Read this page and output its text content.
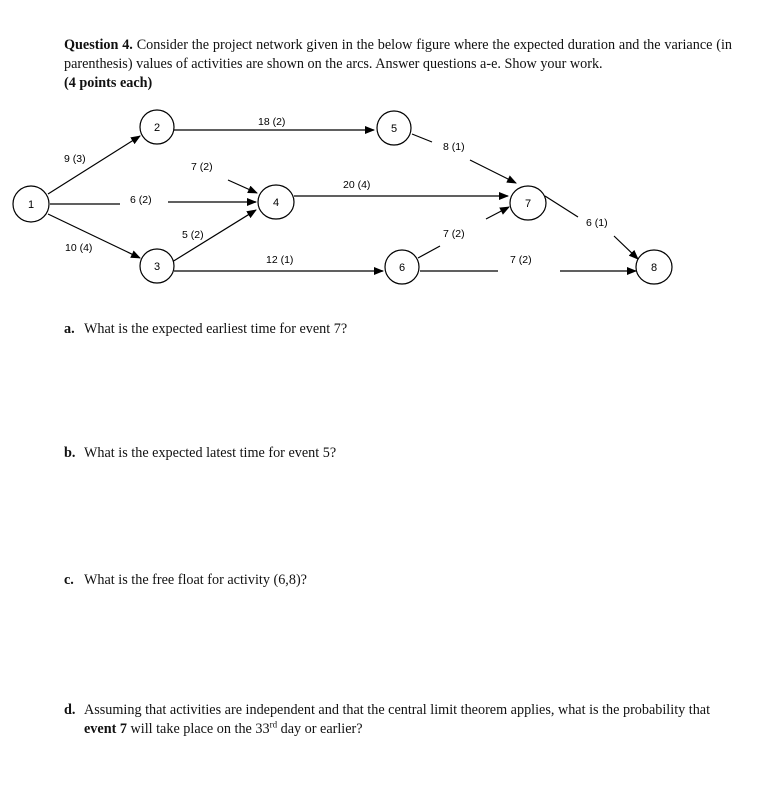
Question 4. Consider the project network given in the below figure where the expected duration and the variance (in parenthesis) values of activities are shown on the arcs. Answer questions a-e. Show your work.
(4 points each)
1
2
3
4
5
6
7
8
9 (3)
6 (2)
10 (4)
18 (2)
7 (2)
5 (2)
12 (1)
20 (4)
8 (1)
7 (2)
7 (2)
6 (1)
a. What is the expected earliest time for event 7?
b. What is the expected latest time for event 5?
c. What is the free float for activity (6,8)?
d. Assuming that activities are independent and that the central limit theorem applies, what is the probability that event 7 will take place on the 33rd day or earlier?
